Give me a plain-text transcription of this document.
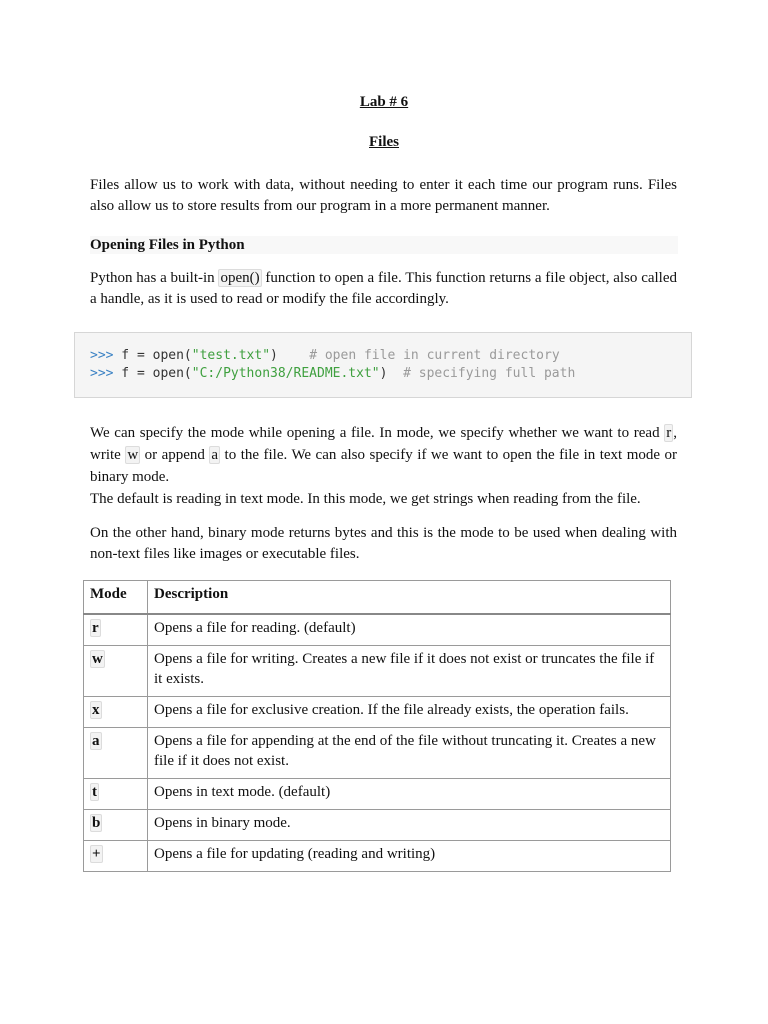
Lab # 6
Files
Files allow us to work with data, without needing to enter it each time our program runs. Files also allow us to store results from our program in a more permanent manner.
Opening Files in Python
Python has a built-in open() function to open a file. This function returns a file object, also called a handle, as it is used to read or modify the file accordingly.
>>> f = open("test.txt")    # open file in current directory
>>> f = open("C:/Python38/README.txt")  # specifying full path
We can specify the mode while opening a file. In mode, we specify whether we want to read r , write w or append a to the file. We can also specify if we want to open the file in text mode or binary mode.
The default is reading in text mode. In this mode, we get strings when reading from the file.
On the other hand, binary mode returns bytes and this is the mode to be used when dealing with non-text files like images or executable files.
Mode	Description
r	Opens a file for reading. (default)
w	Opens a file for writing. Creates a new file if it does not exist or truncates the file if it exists.
x	Opens a file for exclusive creation. If the file already exists, the operation fails.
a	Opens a file for appending at the end of the file without truncating it. Creates a new file if it does not exist.
t	Opens in text mode. (default)
b	Opens in binary mode.
+	Opens a file for updating (reading and writing)
